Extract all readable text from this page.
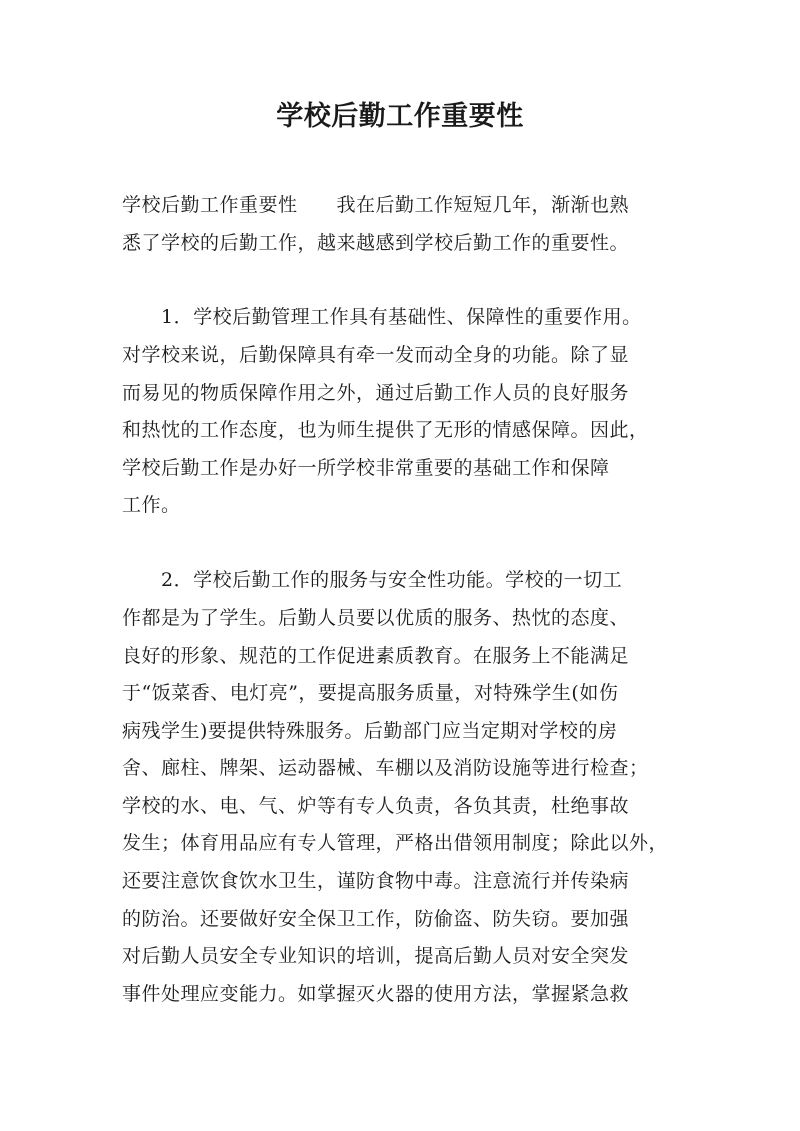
学校后勤工作重要性
学校后勤工作重要性　　我在后勤工作短短几年，渐渐也熟
悉了学校的后勤工作，越来越感到学校后勤工作的重要性。
　　1．学校后勤管理工作具有基础性、保障性的重要作用。
对学校来说，后勤保障具有牵一发而动全身的功能。除了显
而易见的物质保障作用之外，通过后勤工作人员的良好服务
和热忱的工作态度，也为师生提供了无形的情感保障。因此，
学校后勤工作是办好一所学校非常重要的基础工作和保障
工作。
　　2．学校后勤工作的服务与安全性功能。学校的一切工
作都是为了学生。后勤人员要以优质的服务、热忱的态度、
良好的形象、规范的工作促进素质教育。在服务上不能满足
于“饭菜香、电灯亮”，要提高服务质量，对特殊学生(如伤
病残学生)要提供特殊服务。后勤部门应当定期对学校的房
舍、廊柱、牌架、运动器械、车棚以及消防设施等进行检查；
学校的水、电、气、炉等有专人负责，各负其责，杜绝事故
发生；体育用品应有专人管理，严格出借领用制度；除此以外，
还要注意饮食饮水卫生，谨防食物中毒。注意流行并传染病
的防治。还要做好安全保卫工作，防偷盗、防失窃。要加强
对后勤人员安全专业知识的培训，提高后勤人员对安全突发
事件处理应变能力。如掌握灭火器的使用方法，掌握紧急救
